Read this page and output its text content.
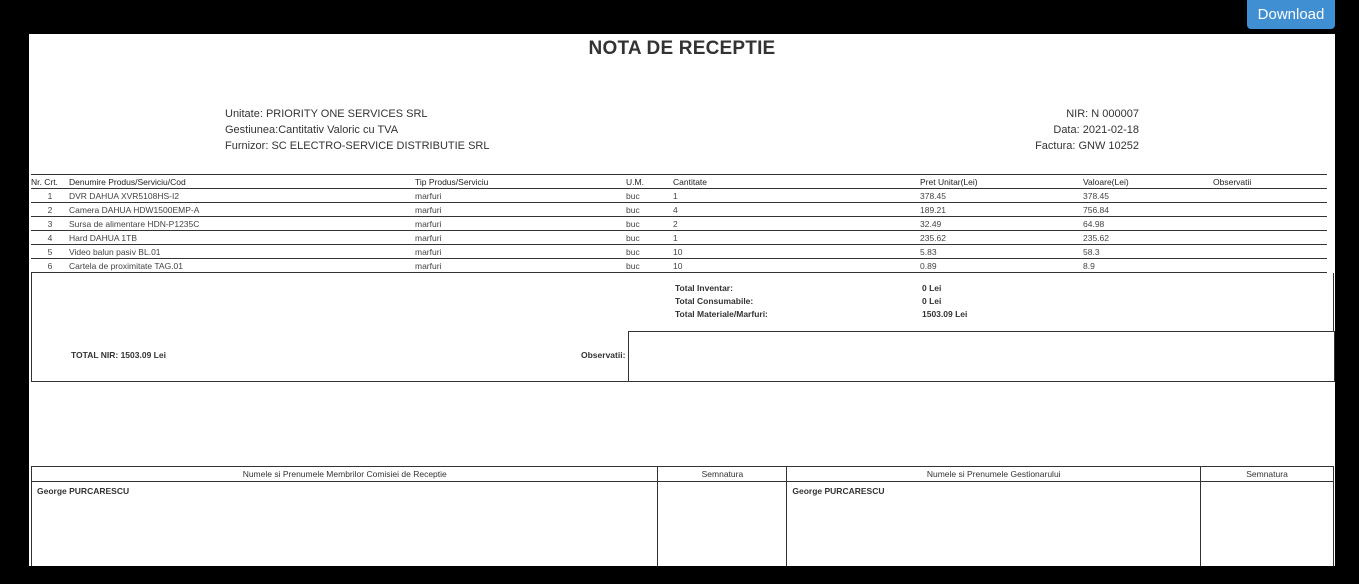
Download
NOTA DE RECEPTIE
Unitate: PRIORITY ONE SERVICES SRL
Gestiunea:Cantitativ Valoric cu TVA
Furnizor: SC ELECTRO-SERVICE DISTRIBUTIE SRL
NIR: N 000007
Data: 2021-02-18
Factura: GNW 10252
Nr. Crt.	Denumire Produs/Serviciu/Cod	Tip Produs/Serviciu	U.M.	Cantitate	Pret Unitar(Lei)	Valoare(Lei)	Observatii
1	DVR DAHUA XVR5108HS-I2	marfuri	buc	1	378.45	378.45	
2	Camera DAHUA HDW1500EMP-A	marfuri	buc	4	189.21	756.84	
3	Sursa de alimentare HDN-P1235C	marfuri	buc	2	32.49	64.98	
4	Hard DAHUA 1TB	marfuri	buc	1	235.62	235.62	
5	Video balun pasiv BL.01	marfuri	buc	10	5.83	58.3	
6	Cartela de proximitate TAG.01	marfuri	buc	10	0.89	8.9	
Total Inventar:	0 Lei
Total Consumabile:	0 Lei
Total Materiale/Marfuri:	1503.09 Lei
TOTAL NIR: 1503.09 Lei	Observatii:
Numele si Prenumele Membrilor Comisiei de Receptie	Semnatura	Numele si Prenumele Gestionarului	Semnatura
George PURCARESCU		George PURCARESCU	
